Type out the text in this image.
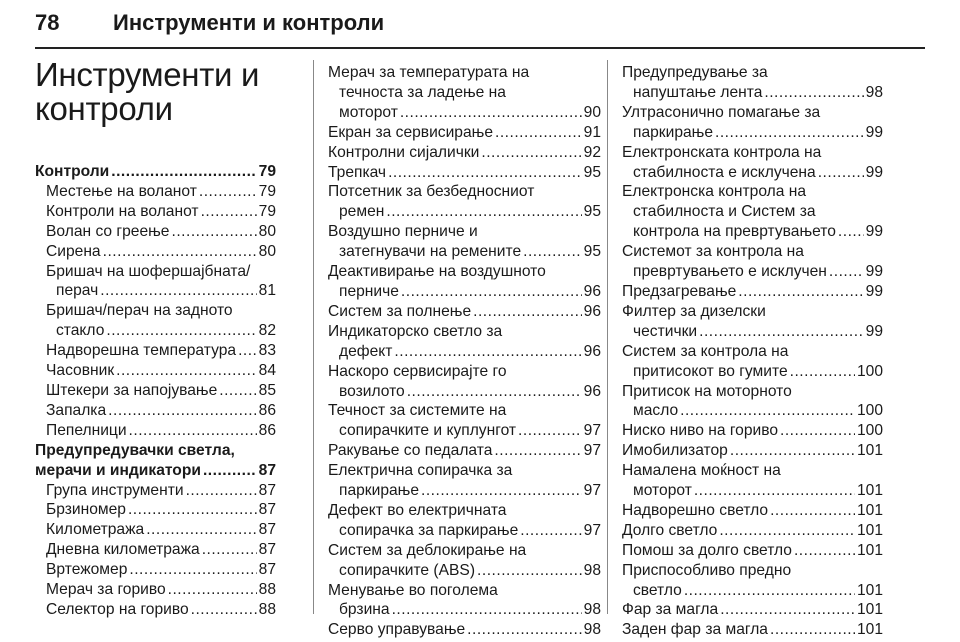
78 Инструменти и контроли
Инструменти и
контроли
Контроли .....	79
Местење на воланот .....	79
Контроли на воланот .....	79
Волан со греење .....	80
Сирена .....	80
Бришач на шофершајбната/
перач .....	81
Бришач/перач на задното
стакло .....	82
Надворешна температура ..... 83
Часовник .....	84
Штекери за напојување .....	85
Запалка .....	86
Пепелници .....	86
Предупредувачки светла,
мерачи и индикатори .....	87
Група инструменти .....	87
Брзиномер .....	87
Километража .....	87
Дневна километража .....	87
Вртежомер .....	87
Мерач за гориво .....	88
Селектор на гориво .....	88
Мерач за температурата на
течноста за ладење на
моторот .....	90
Екран за сервисирање .....	91
Контролни сијалички .....	92
Трепкач .....	95
Потсетник за безбедносниот
ремен .....	95
Воздушно перниче и
затегнувачи на ремените .....	95
Деактивирање на воздушното
перниче .....	96
Систем за полнење .....	96
Индикаторско светло за
дефект .....	96
Наскоро сервисирајте го
возилото .....	96
Течност за системите на
сопирачките и куплунгот .....	97
Ракување со педалата .....	97
Електрична сопирачка за
паркирање .....	97
Дефект во електричната
сопирачка за паркирање .....	97
Систем за деблокирање на
сопирачките (ABS) .....	98
Менување во поголема
брзина .....	98
Серво управување .....	98
Предупредување за
напуштање лента .....	98
Ултрасонично помагање за
паркирање .....	99
Електронската контрола на
стабилноста е исклучена .....	99
Електронска контрола на
стабилноста и Систем за
контрола на превртувањето ..... 99
Системот за контрола на
превртувањето е исклучен ..... 99
Предзагревање .....	99
Филтер за дизелски
честички .....	99
Систем за контрола на
притисокот во гумите .....	100
Притисок на моторното
масло .....	100
Ниско ниво на гориво .....	100
Имобилизатор .....	101
Намалена моќност на
моторот .....	101
Надворешно светло .....	101
Долго светло .....	101
Помош за долго светло .....	101
Приспособливо предно
светло .....	101
Фар за магла .....	101
Заден фар за магла .....	101
